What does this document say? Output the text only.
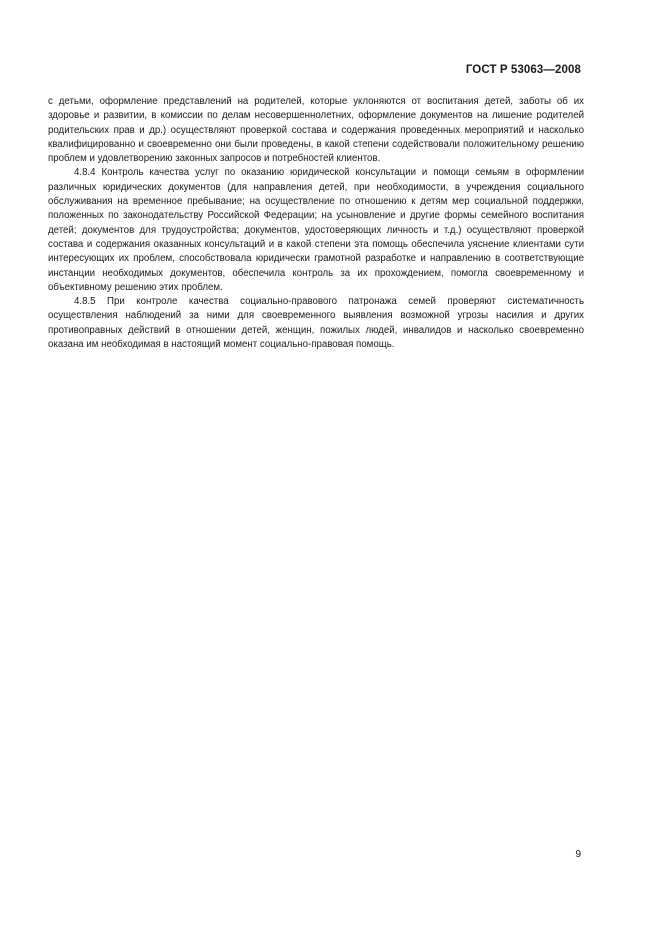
ГОСТ Р 53063—2008

с детьми, оформление представлений на родителей, которые уклоняются от воспитания детей, заботы об их здоровье и развитии, в комиссии по делам несовершеннолетних, оформление документов на лишение родителей родительских прав и др.) осуществляют проверкой состава и содержания проведенных мероприятий и насколько квалифицированно и своевременно они были проведены, в какой степени содействовали положительному решению проблем и удовлетворению законных запросов и потребностей клиентов.

4.8.4 Контроль качества услуг по оказанию юридической консультации и помощи семьям в оформлении различных юридических документов (для направления детей, при необходимости, в учреждения социального обслуживания на временное пребывание; на осуществление по отношению к детям мер социальной поддержки, положенных по законодательству Российской Федерации; на усыновление и другие формы семейного воспитания детей; документов для трудоустройства; документов, удостоверяющих личность и т.д.) осуществляют проверкой состава и содержания оказанных консультаций и в какой степени эта помощь обеспечила уяснение клиентами сути интересующих их проблем, способствовала юридически грамотной разработке и направлению в соответствующие инстанции необходимых документов, обеспечила контроль за их прохождением, помогла своевременному и объективному решению этих проблем.

4.8.5 При контроле качества социально-правового патронажа семей проверяют систематичность осуществления наблюдений за ними для своевременного выявления возможной угрозы насилия и других противоправных действий в отношении детей, женщин, пожилых людей, инвалидов и насколько своевременно оказана им необходимая в настоящий момент социально-правовая помощь.

9
